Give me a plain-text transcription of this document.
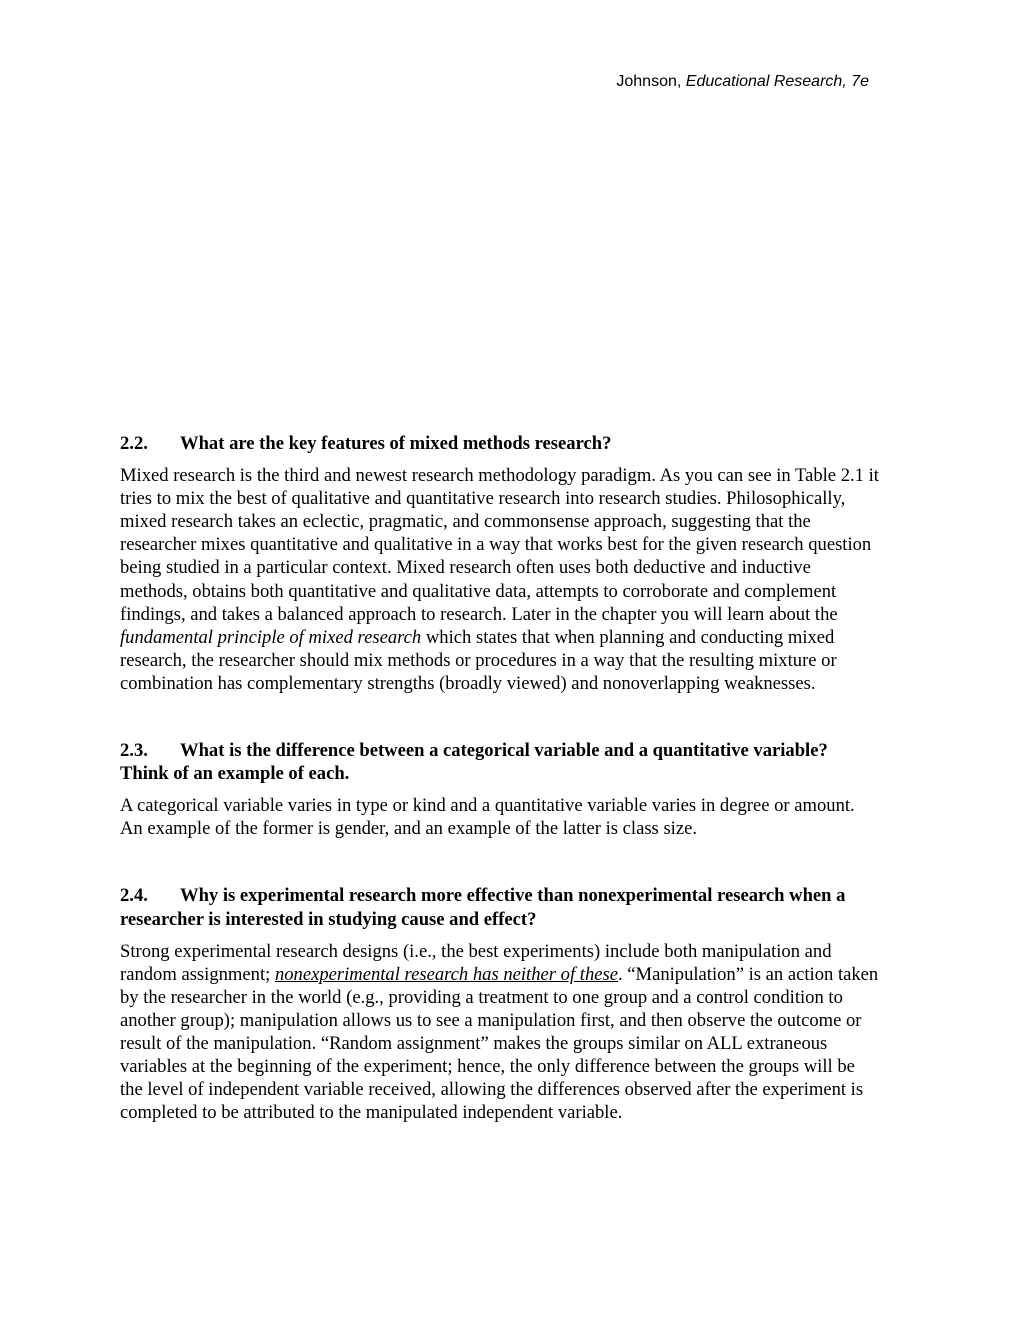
Johnson, Educational Research, 7e

2.2. What are the key features of mixed methods research?

Mixed research is the third and newest research methodology paradigm. As you can see in Table 2.1 it tries to mix the best of qualitative and quantitative research into research studies. Philosophically, mixed research takes an eclectic, pragmatic, and commonsense approach, suggesting that the researcher mixes quantitative and qualitative in a way that works best for the given research question being studied in a particular context. Mixed research often uses both deductive and inductive methods, obtains both quantitative and qualitative data, attempts to corroborate and complement findings, and takes a balanced approach to research. Later in the chapter you will learn about the fundamental principle of mixed research which states that when planning and conducting mixed research, the researcher should mix methods or procedures in a way that the resulting mixture or combination has complementary strengths (broadly viewed) and nonoverlapping weaknesses.

2.3. What is the difference between a categorical variable and a quantitative variable? Think of an example of each.

A categorical variable varies in type or kind and a quantitative variable varies in degree or amount. An example of the former is gender, and an example of the latter is class size.

2.4. Why is experimental research more effective than nonexperimental research when a researcher is interested in studying cause and effect?

Strong experimental research designs (i.e., the best experiments) include both manipulation and random assignment; nonexperimental research has neither of these. “Manipulation” is an action taken by the researcher in the world (e.g., providing a treatment to one group and a control condition to another group); manipulation allows us to see a manipulation first, and then observe the outcome or result of the manipulation. “Random assignment” makes the groups similar on ALL extraneous variables at the beginning of the experiment; hence, the only difference between the groups will be the level of independent variable received, allowing the differences observed after the experiment is completed to be attributed to the manipulated independent variable.
